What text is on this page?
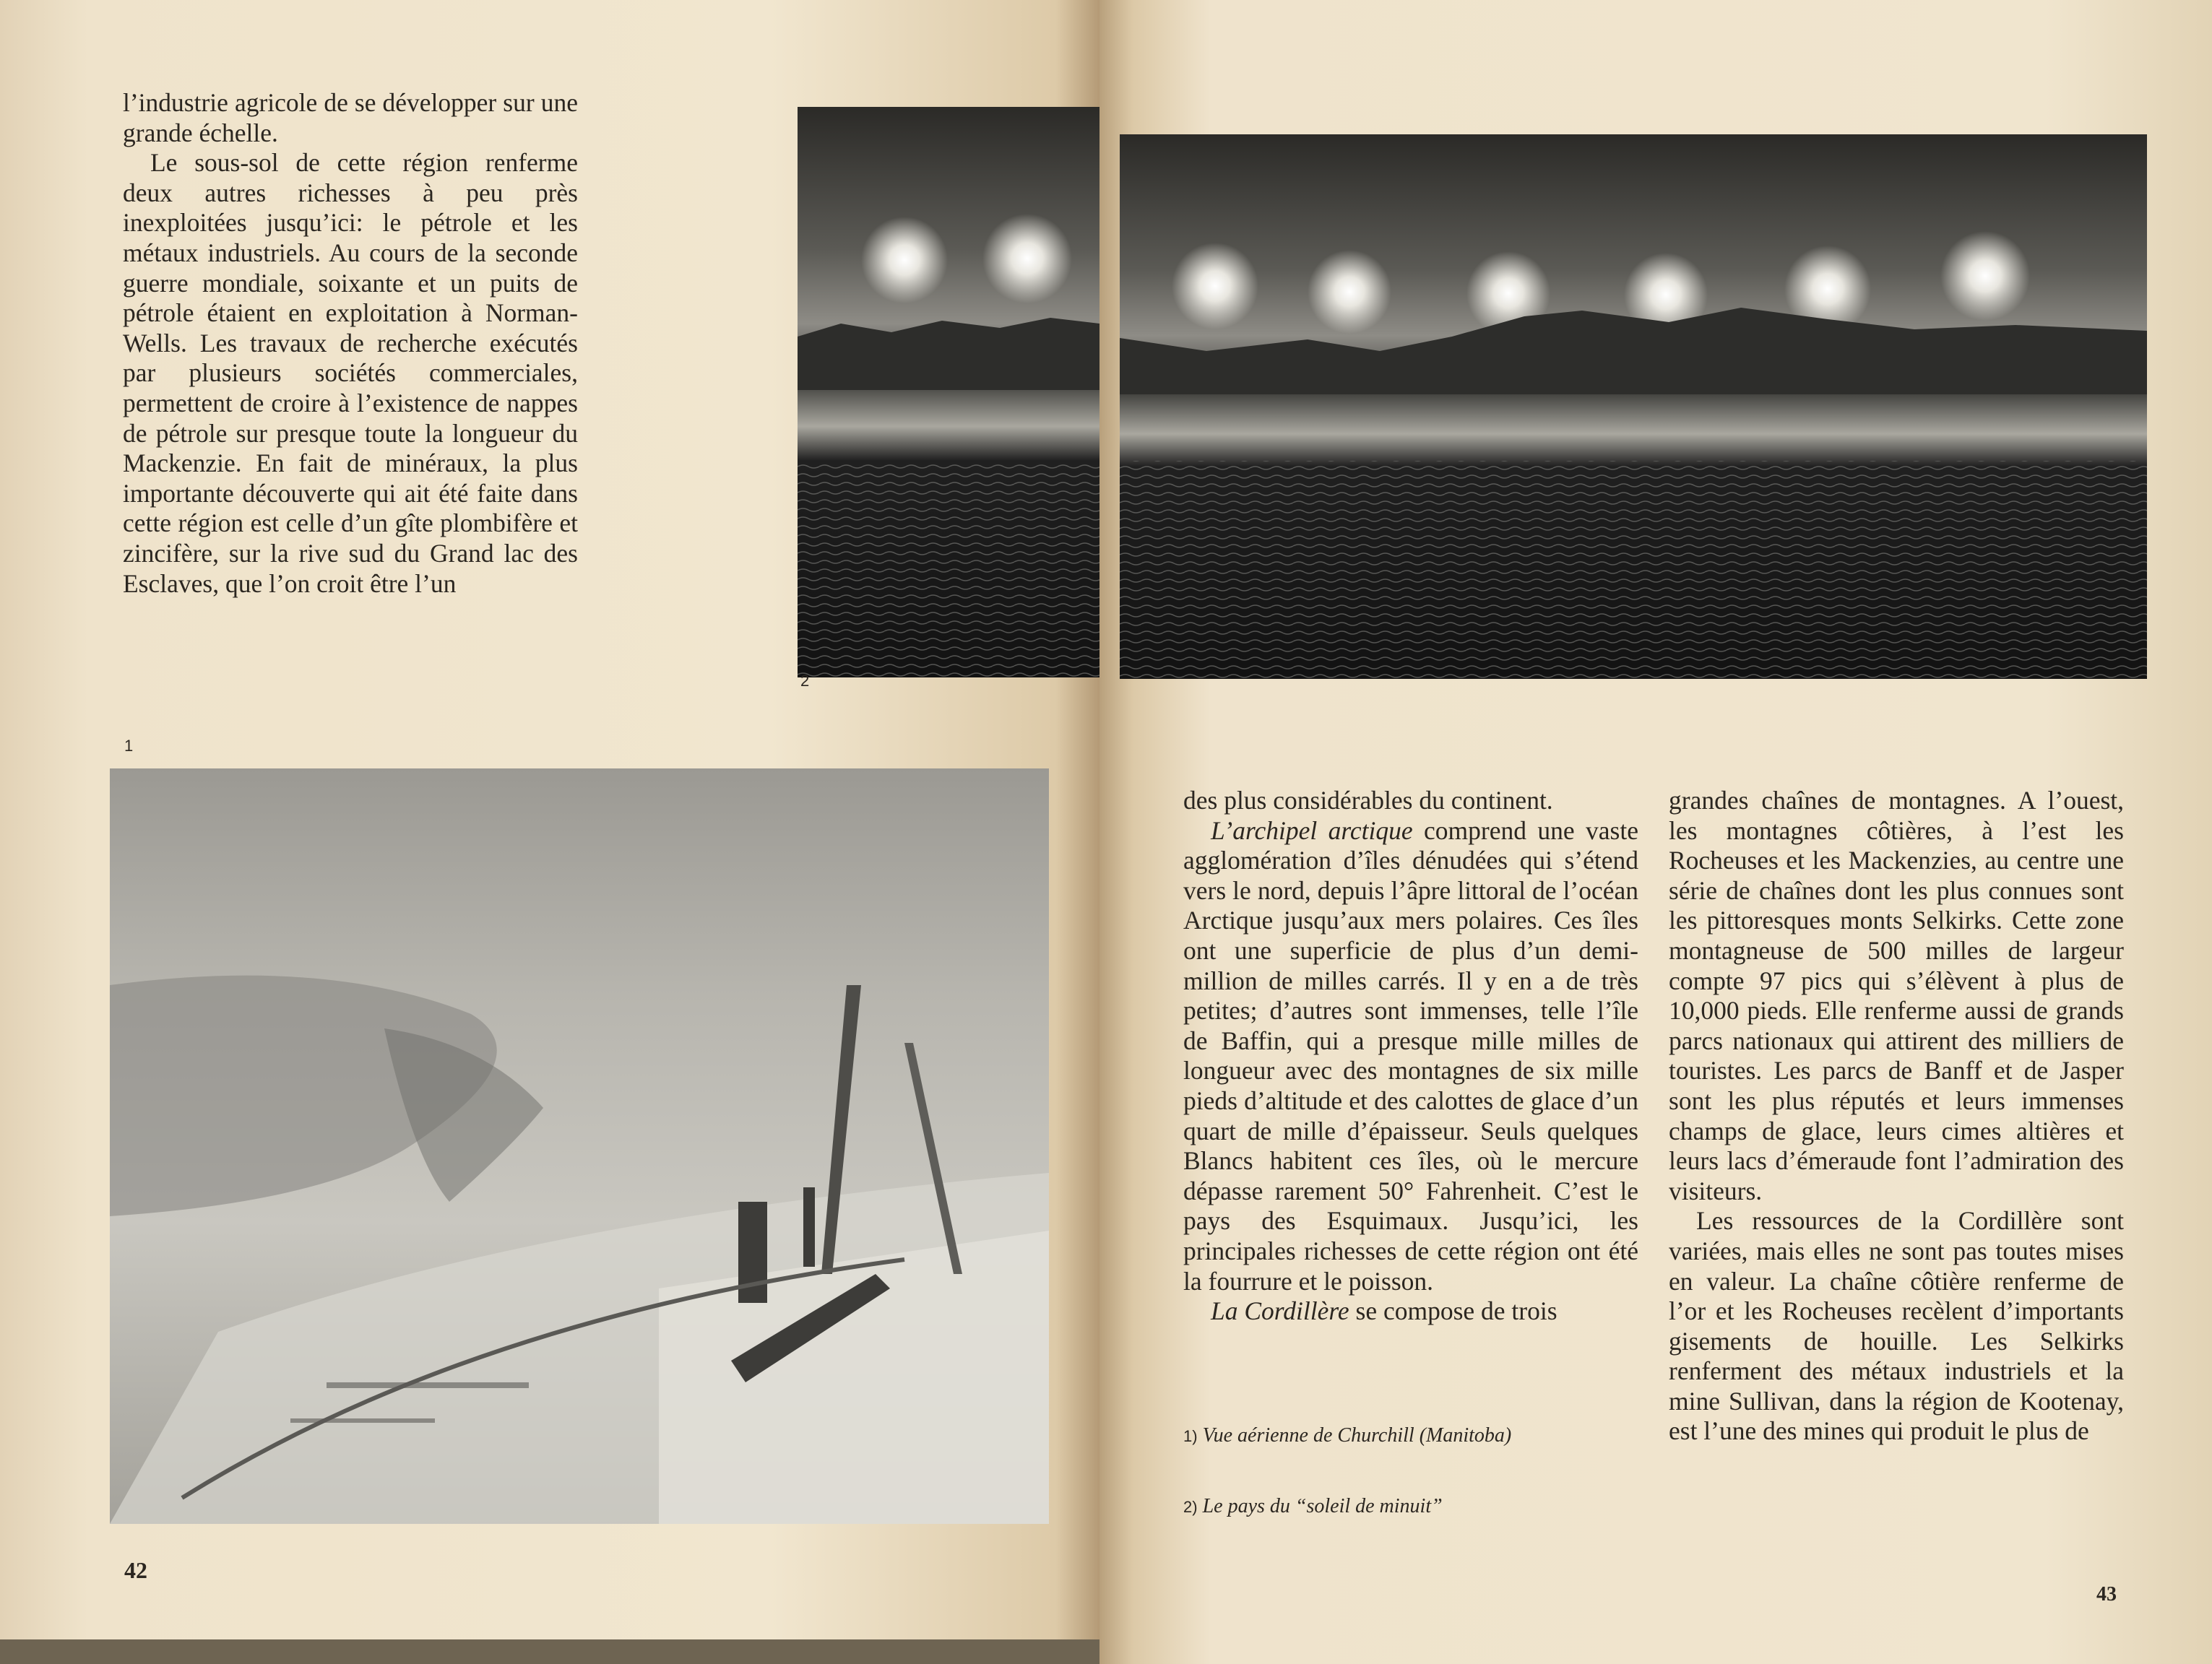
l’industrie agricole de se développer sur une grande échelle.

Le sous-sol de cette région renferme deux autres richesses à peu près inexploitées jusqu’ici: le pétrole et les métaux industriels. Au cours de la seconde guerre mondiale, soixante et un puits de pétrole étaient en exploitation à Norman-Wells. Les travaux de recherche exécutés par plusieurs sociétés commerciales, permettent de croire à l’existence de nappes de pétrole sur presque toute la longueur du Mackenzie. En fait de minéraux, la plus importante découverte qui ait été faite dans cette région est celle d’un gîte plombifère et zincifère, sur la rive sud du Grand lac des Esclaves, que l’on croit être l’un

2
1
42

des plus considérables du continent.

L’archipel arctique comprend une vaste agglomération d’îles dénudées qui s’étend vers le nord, depuis l’âpre littoral de l’océan Arctique jusqu’aux mers polaires. Ces îles ont une superficie de plus d’un demi-million de milles carrés. Il y en a de très petites; d’autres sont immenses, telle l’île de Baffin, qui a presque mille milles de longueur avec des montagnes de six mille pieds d’altitude et des calottes de glace d’un quart de mille d’épaisseur. Seuls quelques Blancs habitent ces îles, où le mercure dépasse rarement 50° Fahrenheit. C’est le pays des Esquimaux. Jusqu’ici, les principales richesses de cette région ont été la fourrure et le poisson.

La Cordillère se compose de trois

1) Vue aérienne de Churchill (Manitoba)
2) Le pays du “soleil de minuit”

grandes chaînes de montagnes. A l’ouest, les montagnes côtières, à l’est les Rocheuses et les Mackenzies, au centre une série de chaînes dont les plus connues sont les pittoresques monts Selkirks. Cette zone montagneuse de 500 milles de largeur compte 97 pics qui s’élèvent à plus de 10,000 pieds. Elle renferme aussi de grands parcs nationaux qui attirent des milliers de touristes. Les parcs de Banff et de Jasper sont les plus réputés et leurs immenses champs de glace, leurs cimes altières et leurs lacs d’émeraude font l’admiration des visiteurs.

Les ressources de la Cordillère sont variées, mais elles ne sont pas toutes mises en valeur. La chaîne côtière renferme de l’or et les Rocheuses recèlent d’importants gisements de houille. Les Selkirks renferment des métaux industriels et la mine Sullivan, dans la région de Kootenay, est l’une des mines qui produit le plus de

43
